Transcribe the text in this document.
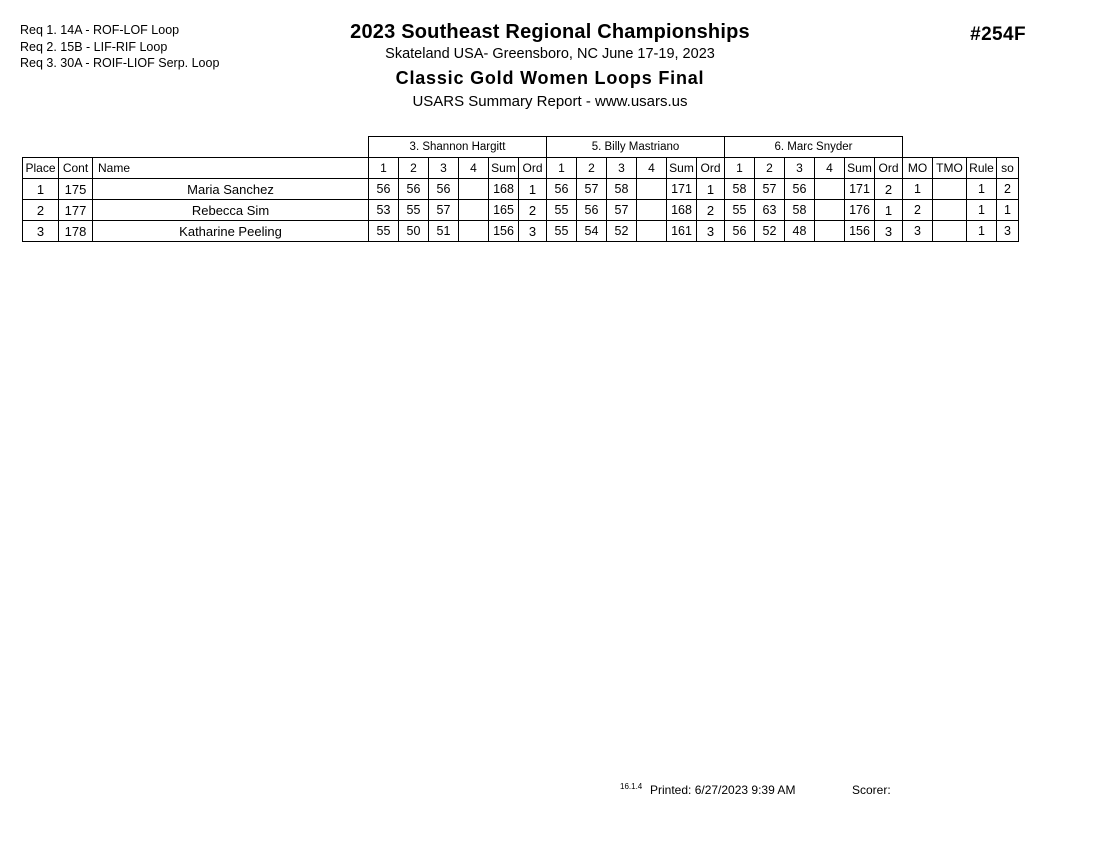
Req 1. 14A - ROF-LOF Loop
Req 2. 15B - LIF-RIF Loop
Req 3. 30A - ROIF-LIOF Serp. Loop
2023 Southeast Regional Championships
Skateland USA- Greensboro, NC June 17-19, 2023
Classic Gold Women Loops Final
USARS Summary Report - www.usars.us
#254F
			3. Shannon Hargitt						5. Billy Mastriano						6. Marc Snyder									
Place	Cont	Name	1	2	3	4	Sum	Ord	1	2	3	4	Sum	Ord	1	2	3	4	Sum	Ord	MO	TMO	Rule	so
1	175	Maria Sanchez	56	56	56		168	1	56	57	58		171	1	58	57	56		171	2	1		1	2
2	177	Rebecca Sim	53	55	57		165	2	55	56	57		168	2	55	63	58		176	1	2		1	1
3	178	Katharine Peeling	55	50	51		156	3	55	54	52		161	3	56	52	48		156	3	3		1	3
16.1.4 Printed: 6/27/2023 9:39 AM	Scorer:
